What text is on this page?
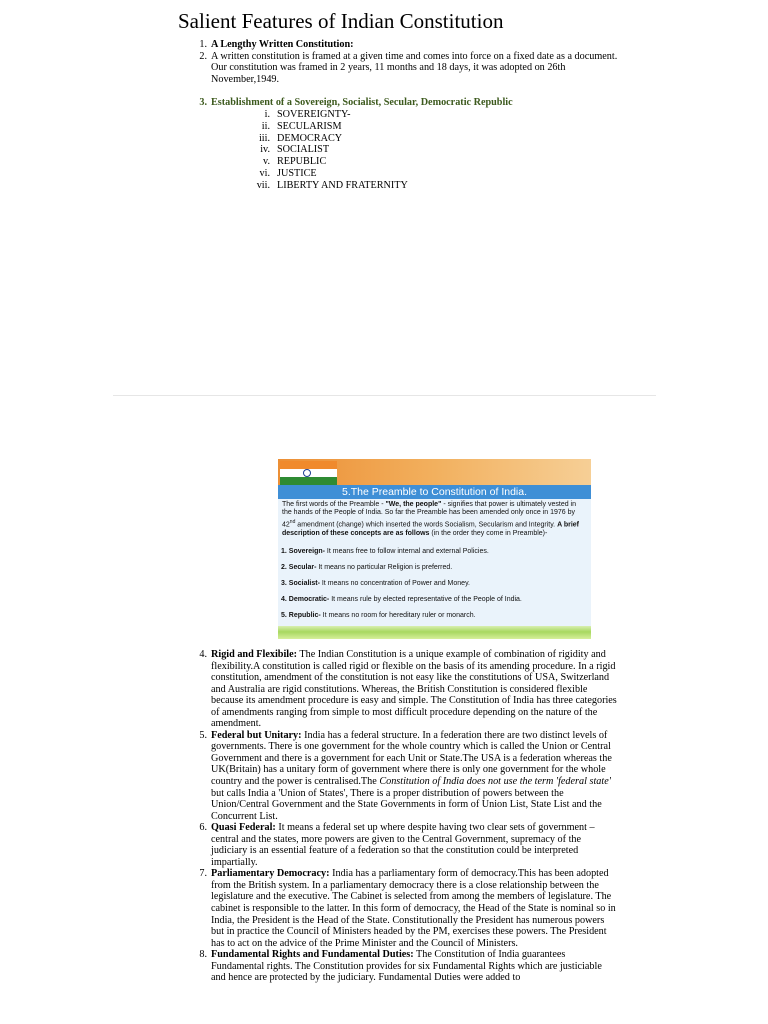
Salient Features of Indian Constitution
1. A Lengthy Written Constitution:
2. A written constitution is framed at a given time and comes into force on a fixed date as a document. Our constitution was framed in 2 years, 11 months and 18 days, it was adopted on 26th November,1949.
3. Establishment of a Sovereign, Socialist, Secular, Democratic Republic
i. SOVEREIGNTY-
ii. SECULARISM
iii. DEMOCRACY
iv. SOCIALIST
v. REPUBLIC
vi. JUSTICE
vii. LIBERTY AND FRATERNITY
5.The Preamble to Constitution of India.
The first words of the Preamble - "We, the people" - signifies that power is ultimately vested in the hands of the People of India. So far the Preamble has been amended only once in 1976 by 42nd amendment (change) which inserted the words Socialism, Secularism and Integrity. A brief description of these concepts are as follows (in the order they come in Preamble)-
1. Sovereign- It means free to follow internal and external Policies.
2. Secular- It means no particular Religion is preferred.
3. Socialist- It means no concentration of Power and Money.
4. Democratic- It means rule by elected representative of the People of India.
5. Republic- It means no room for hereditary ruler or monarch.
4. Rigid and Flexibile: The Indian Constitution is a unique example of combination of rigidity and flexibility.A constitution is called rigid or flexible on the basis of its amending procedure. In a rigid constitution, amendment of the constitution is not easy like the constitutions of USA, Switzerland and Australia are rigid constitutions. Whereas, the British Constitution is considered flexible because its amendment procedure is easy and simple. The Constitution of India has three categories of amendments ranging from simple to most difficult procedure depending on the nature of the amendment.

5. Federal but Unitary: India has a federal structure. In a federation there are two distinct levels of governments. There is one government for the whole country which is called the Union or Central Government and there is a government for each Unit or State.The USA is a federation whereas the UK(Britain) has a unitary form of government where there is only one government for the whole country and the power is centralised.The Constitution of India does not use the term 'federal state' but calls India a 'Union of States', There is a proper distribution of powers between the Union/Central Government and the State Governments in form of Union List, State List and the Concurrent List.

6. Quasi Federal: It means a federal set up where despite having two clear sets of government – central and the states, more powers are given to the Central Government, supremacy of the judiciary is an essential feature of a federation so that the constitution could be interpreted impartially.

7. Parliamentary Democracy: India has a parliamentary form of democracy.This has been adopted from the British system. In a parliamentary democracy there is a close relationship between the legislature and the executive. The Cabinet is selected from among the members of legislature. The cabinet is responsible to the latter. In this form of democracy, the Head of the State is nominal so in India, the President is the Head of the State. Constitutionally the President has numerous powers but in practice the Council of Ministers headed by the PM, exercises these powers. The President has to act on the advice of the Prime Minister and the Council of Ministers.

8. Fundamental Rights and Fundamental Duties: The Constitution of India guarantees Fundamental rights. The Constitution provides for six Fundamental Rights which are justiciable and hence are protected by the judiciary. Fundamental Duties were added to
